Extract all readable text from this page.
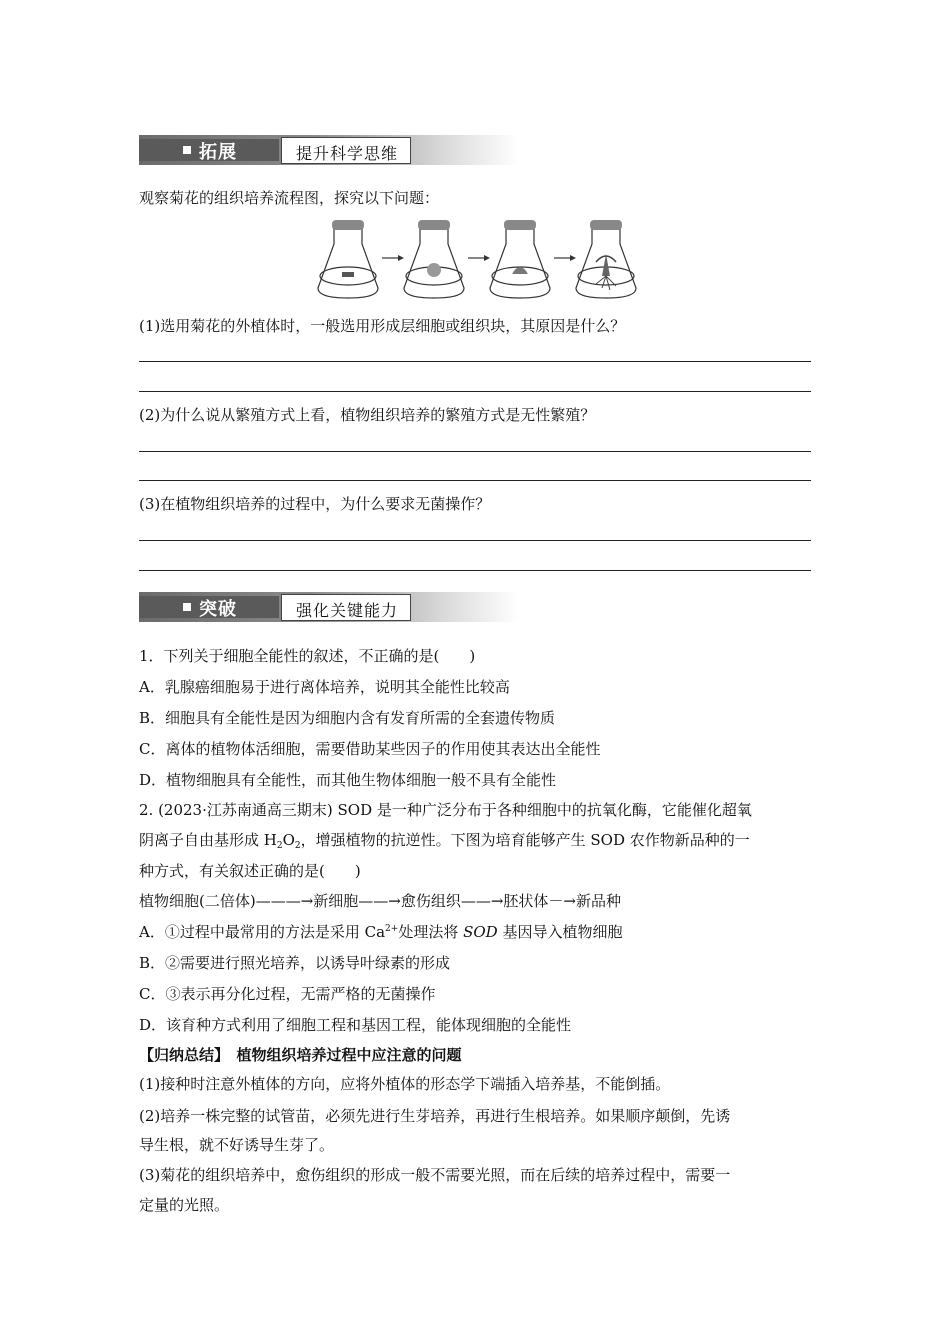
拓展	提升科学思维
观察菊花的组织培养流程图，探究以下问题：
(1)选用菊花的外植体时，一般选用形成层细胞或组织块，其原因是什么？
(2)为什么说从繁殖方式上看，植物组织培养的繁殖方式是无性繁殖？
(3)在植物组织培养的过程中，为什么要求无菌操作？
突破	强化关键能力
1．下列关于细胞全能性的叙述，不正确的是(　　)
A．乳腺癌细胞易于进行离体培养，说明其全能性比较高
B．细胞具有全能性是因为细胞内含有发育所需的全套遗传物质
C．离体的植物体活细胞，需要借助某些因子的作用使其表达出全能性
D．植物细胞具有全能性，而其他生物体细胞一般不具有全能性
2. (2023·江苏南通高三期末) SOD 是一种广泛分布于各种细胞中的抗氧化酶，它能催化超氧
阴离子自由基形成 $H_2O_2$，增强植物的抗逆性。下图为培育能够产生 SOD 农作物新品种的一
种方式，有关叙述正确的是(　　)
植物细胞(二倍体)———→新细胞——→愈伤组织——→胚状体－→新品种
A．①过程中最常用的方法是采用 $Ca^{2+}$处理法将 SOD 基因导入植物细胞
B．②需要进行照光培养，以诱导叶绿素的形成
C．③表示再分化过程，无需严格的无菌操作
D．该育种方式利用了细胞工程和基因工程，能体现细胞的全能性
【归纳总结】　植物组织培养过程中应注意的问题
(1)接种时注意外植体的方向，应将外植体的形态学下端插入培养基，不能倒插。
(2)培养一株完整的试管苗，必须先进行生芽培养，再进行生根培养。如果顺序颠倒，先诱
导生根，就不好诱导生芽了。
(3)菊花的组织培养中，愈伤组织的形成一般不需要光照，而在后续的培养过程中，需要一
定量的光照。
